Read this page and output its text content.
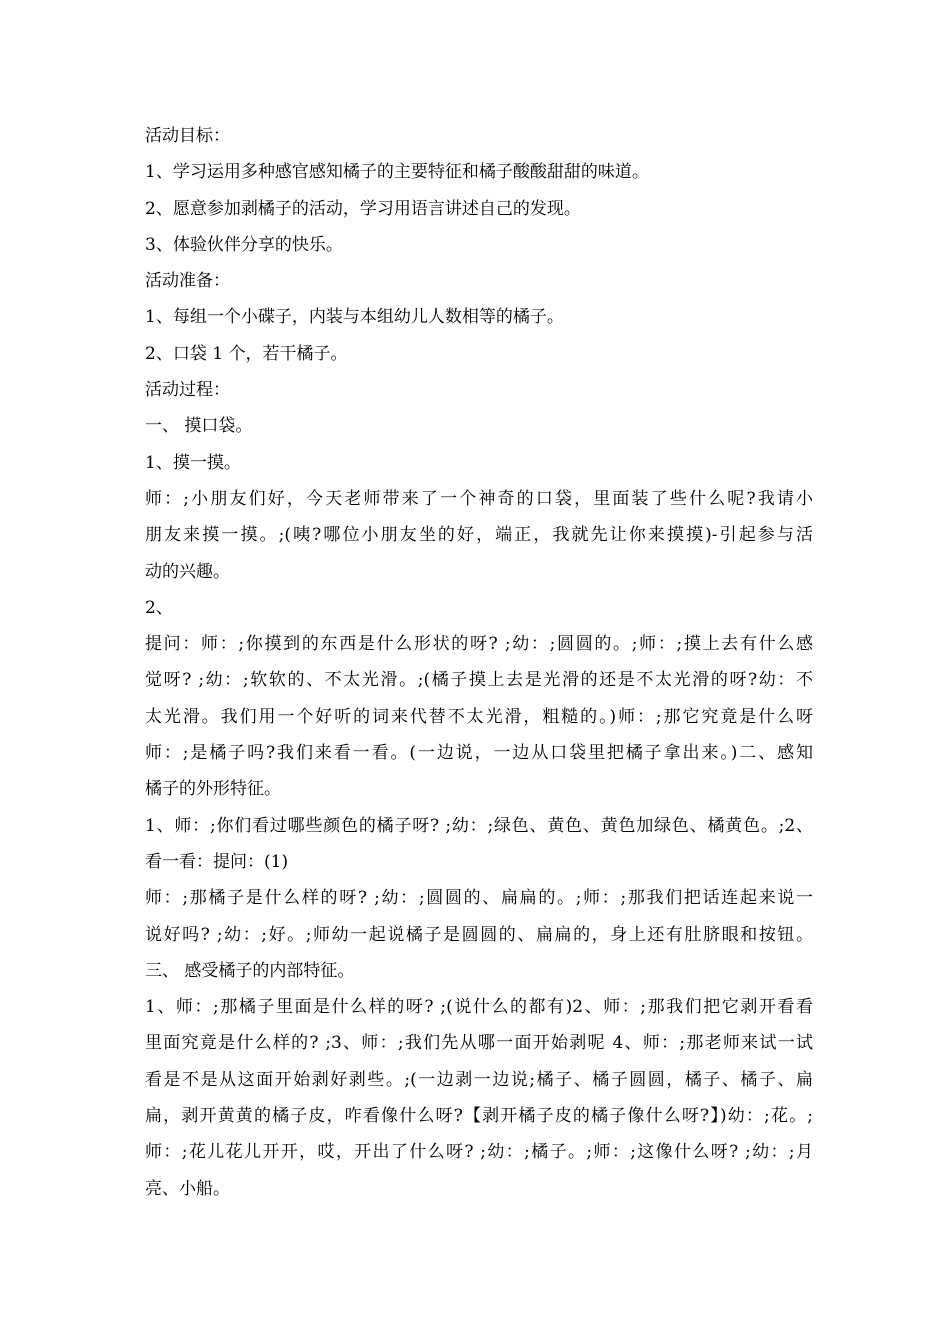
活动目标：
1、学习运用多种感官感知橘子的主要特征和橘子酸酸甜甜的味道。
2、愿意参加剥橘子的活动，学习用语言讲述自己的发现。
3、体验伙伴分享的快乐。
活动准备：
1、每组一个小碟子，内装与本组幼儿人数相等的橘子。
2、口袋 1 个，若干橘子。
活动过程：
一、 摸口袋。
1、摸一摸。
师：;小朋友们好，今天老师带来了一个神奇的口袋，里面装了些什么呢?我请小
朋友来摸一摸。;(咦?哪位小朋友坐的好，端正，我就先让你来摸摸)-引起参与活
动的兴趣。
2、
提问：师：;你摸到的东西是什么形状的呀? ;幼：;圆圆的。;师：;摸上去有什么感
觉呀? ;幼：;软软的、不太光滑。;(橘子摸上去是光滑的还是不太光滑的呀?幼：不
太光滑。我们用一个好听的词来代替不太光滑，粗糙的。)师：;那它究竟是什么呀
师：;是橘子吗?我们来看一看。(一边说，一边从口袋里把橘子拿出来。)二、感知
橘子的外形特征。
1、师：;你们看过哪些颜色的橘子呀? ;幼：;绿色、黄色、黄色加绿色、橘黄色。;2、
看一看：提问：(1)
师：;那橘子是什么样的呀? ;幼：;圆圆的、扁扁的。;师：;那我们把话连起来说一
说好吗? ;幼：;好。;师幼一起说橘子是圆圆的、扁扁的，身上还有肚脐眼和按钮。
三、 感受橘子的内部特征。
1、师：;那橘子里面是什么样的呀? ;(说什么的都有)2、师：;那我们把它剥开看看
里面究竟是什么样的? ;3、师：;我们先从哪一面开始剥呢 4、师：;那老师来试一试
看是不是从这面开始剥好剥些。;(一边剥一边说;橘子、橘子圆圆，橘子、橘子、扁
扁，剥开黄黄的橘子皮，咋看像什么呀?【剥开橘子皮的橘子像什么呀?】)幼：;花。;
师：;花儿花儿开开，哎，开出了什么呀? ;幼：;橘子。;师：;这像什么呀? ;幼：;月
亮、小船。
